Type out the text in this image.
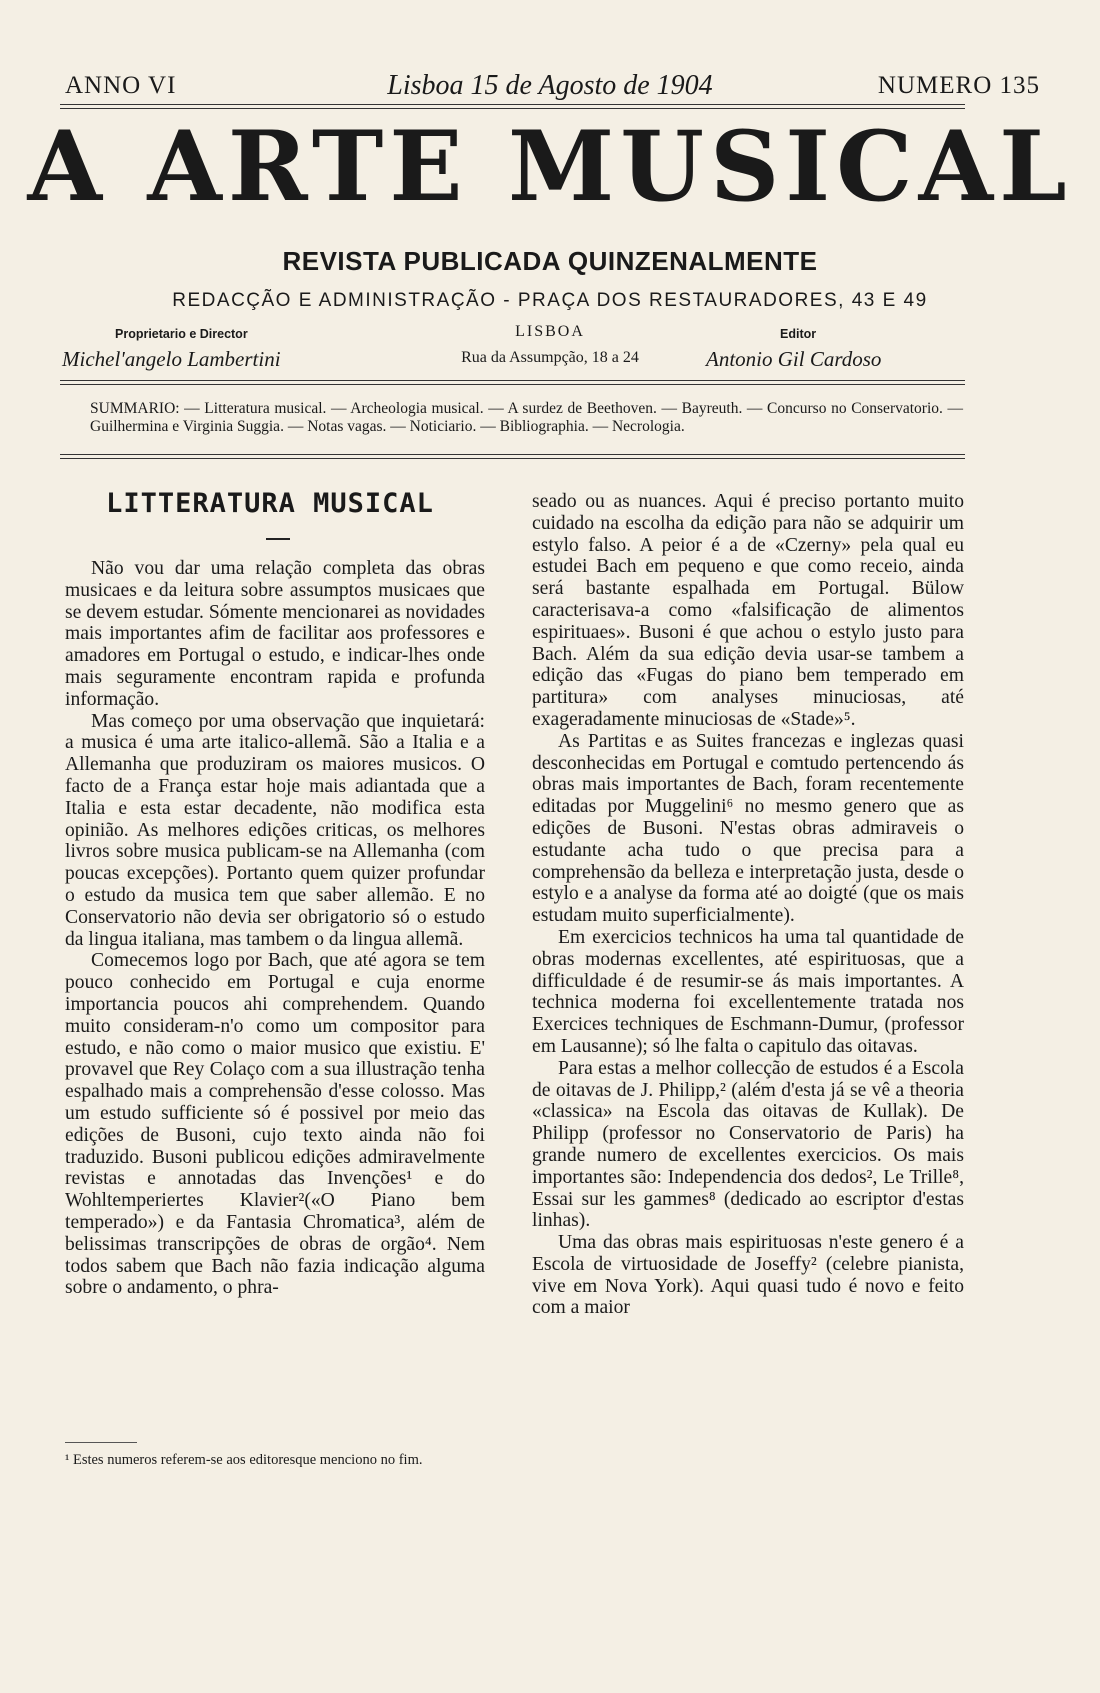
ANNO VI	Lisboa 15 de Agosto de 1904	NUMERO 135
A ARTE MUSICAL
REVISTA PUBLICADA QUINZENALMENTE
REDACÇÃO E ADMINISTRAÇÃO - PRAÇA DOS RESTAURADORES, 43 E 49
Proprietario e Director	LISBOA	Editor
Michel'angelo Lambertini	Rua da Assumpção, 18 a 24	Antonio Gil Cardoso
SUMMARIO: — Litteratura musical. — Archeologia musical. — A surdez de Beethoven. — Bayreuth. — Concurso no Conservatorio. — Guilhermina e Virginia Suggia. — Notas vagas. — Noticiario. — Bibliographia. — Necrologia.
LITTERATURA MUSICAL

Não vou dar uma relação completa das obras musicaes e da leitura sobre assumptos musicaes que se devem estudar. Sómente mencionarei as novidades mais importantes afim de facilitar aos professores e amadores em Portugal o estudo, e indicar-lhes onde mais seguramente encontram rapida e profunda informação.

Mas começo por uma observação que inquietará: a musica é uma arte italico-allemã. São a Italia e a Allemanha que produziram os maiores musicos. O facto de a França estar hoje mais adiantada que a Italia e esta estar decadente, não modifica esta opinião. As melhores edições criticas, os melhores livros sobre musica publicam-se na Allemanha (com poucas excepções). Portanto quem quizer profundar o estudo da musica tem que saber allemão. E no Conservatorio não devia ser obrigatorio só o estudo da lingua italiana, mas tambem o da lingua allemã.

Comecemos logo por Bach, que até agora se tem pouco conhecido em Portugal e cuja enorme importancia poucos ahi comprehendem. Quando muito consideram-n'o como um compositor para estudo, e não como o maior musico que existiu. E' provavel que Rey Colaço com a sua illustração tenha espalhado mais a comprehensão d'esse colosso. Mas um estudo sufficiente só é possivel por meio das edições de Busoni, cujo texto ainda não foi traduzido. Busoni publicou edições admiravelmente revistas e annotadas das Invenções¹ e do Wohltemperiertes Klavier²(«O Piano bem temperado») e da Fantasia Chromatica³, além de belissimas transcripções de obras de orgão⁴. Nem todos sabem que Bach não fazia indicação alguma sobre o andamento, o phra-

¹ Estes numeros referem-se aos editoresque menciono no fim.

seado ou as nuances. Aqui é preciso portanto muito cuidado na escolha da edição para não se adquirir um estylo falso. A peior é a de «Czerny» pela qual eu estudei Bach em pequeno e que como receio, ainda será bastante espalhada em Portugal. Bülow caracterisava-a como «falsificação de alimentos espirituaes». Busoni é que achou o estylo justo para Bach. Além da sua edição devia usar-se tambem a edição das «Fugas do piano bem temperado em partitura» com analyses minuciosas, até exageradamente minuciosas de «Stade»⁵.

As Partitas e as Suites francezas e inglezas quasi desconhecidas em Portugal e comtudo pertencendo ás obras mais importantes de Bach, foram recentemente editadas por Muggelini⁶ no mesmo genero que as edições de Busoni. N'estas obras admiraveis o estudante acha tudo o que precisa para a comprehensão da belleza e interpretação justa, desde o estylo e a analyse da forma até ao doigté (que os mais estudam muito superficialmente).

Em exercicios technicos ha uma tal quantidade de obras modernas excellentes, até espirituosas, que a difficuldade é de resumir-se ás mais importantes. A technica moderna foi excellentemente tratada nos Exercices techniques de Eschmann-Dumur, (professor em Lausanne); só lhe falta o capitulo das oitavas.

Para estas a melhor collecção de estudos é a Escola de oitavas de J. Philipp,² (além d'esta já se vê a theoria «classica» na Escola das oitavas de Kullak). De Philipp (professor no Conservatorio de Paris) ha grande numero de excellentes exercicios. Os mais importantes são: Independencia dos dedos², Le Trille⁸, Essai sur les gammes⁸ (dedicado ao escriptor d'estas linhas).

Uma das obras mais espirituosas n'este genero é a Escola de virtuosidade de Joseffy² (celebre pianista, vive em Nova York). Aqui quasi tudo é novo e feito com a maior
